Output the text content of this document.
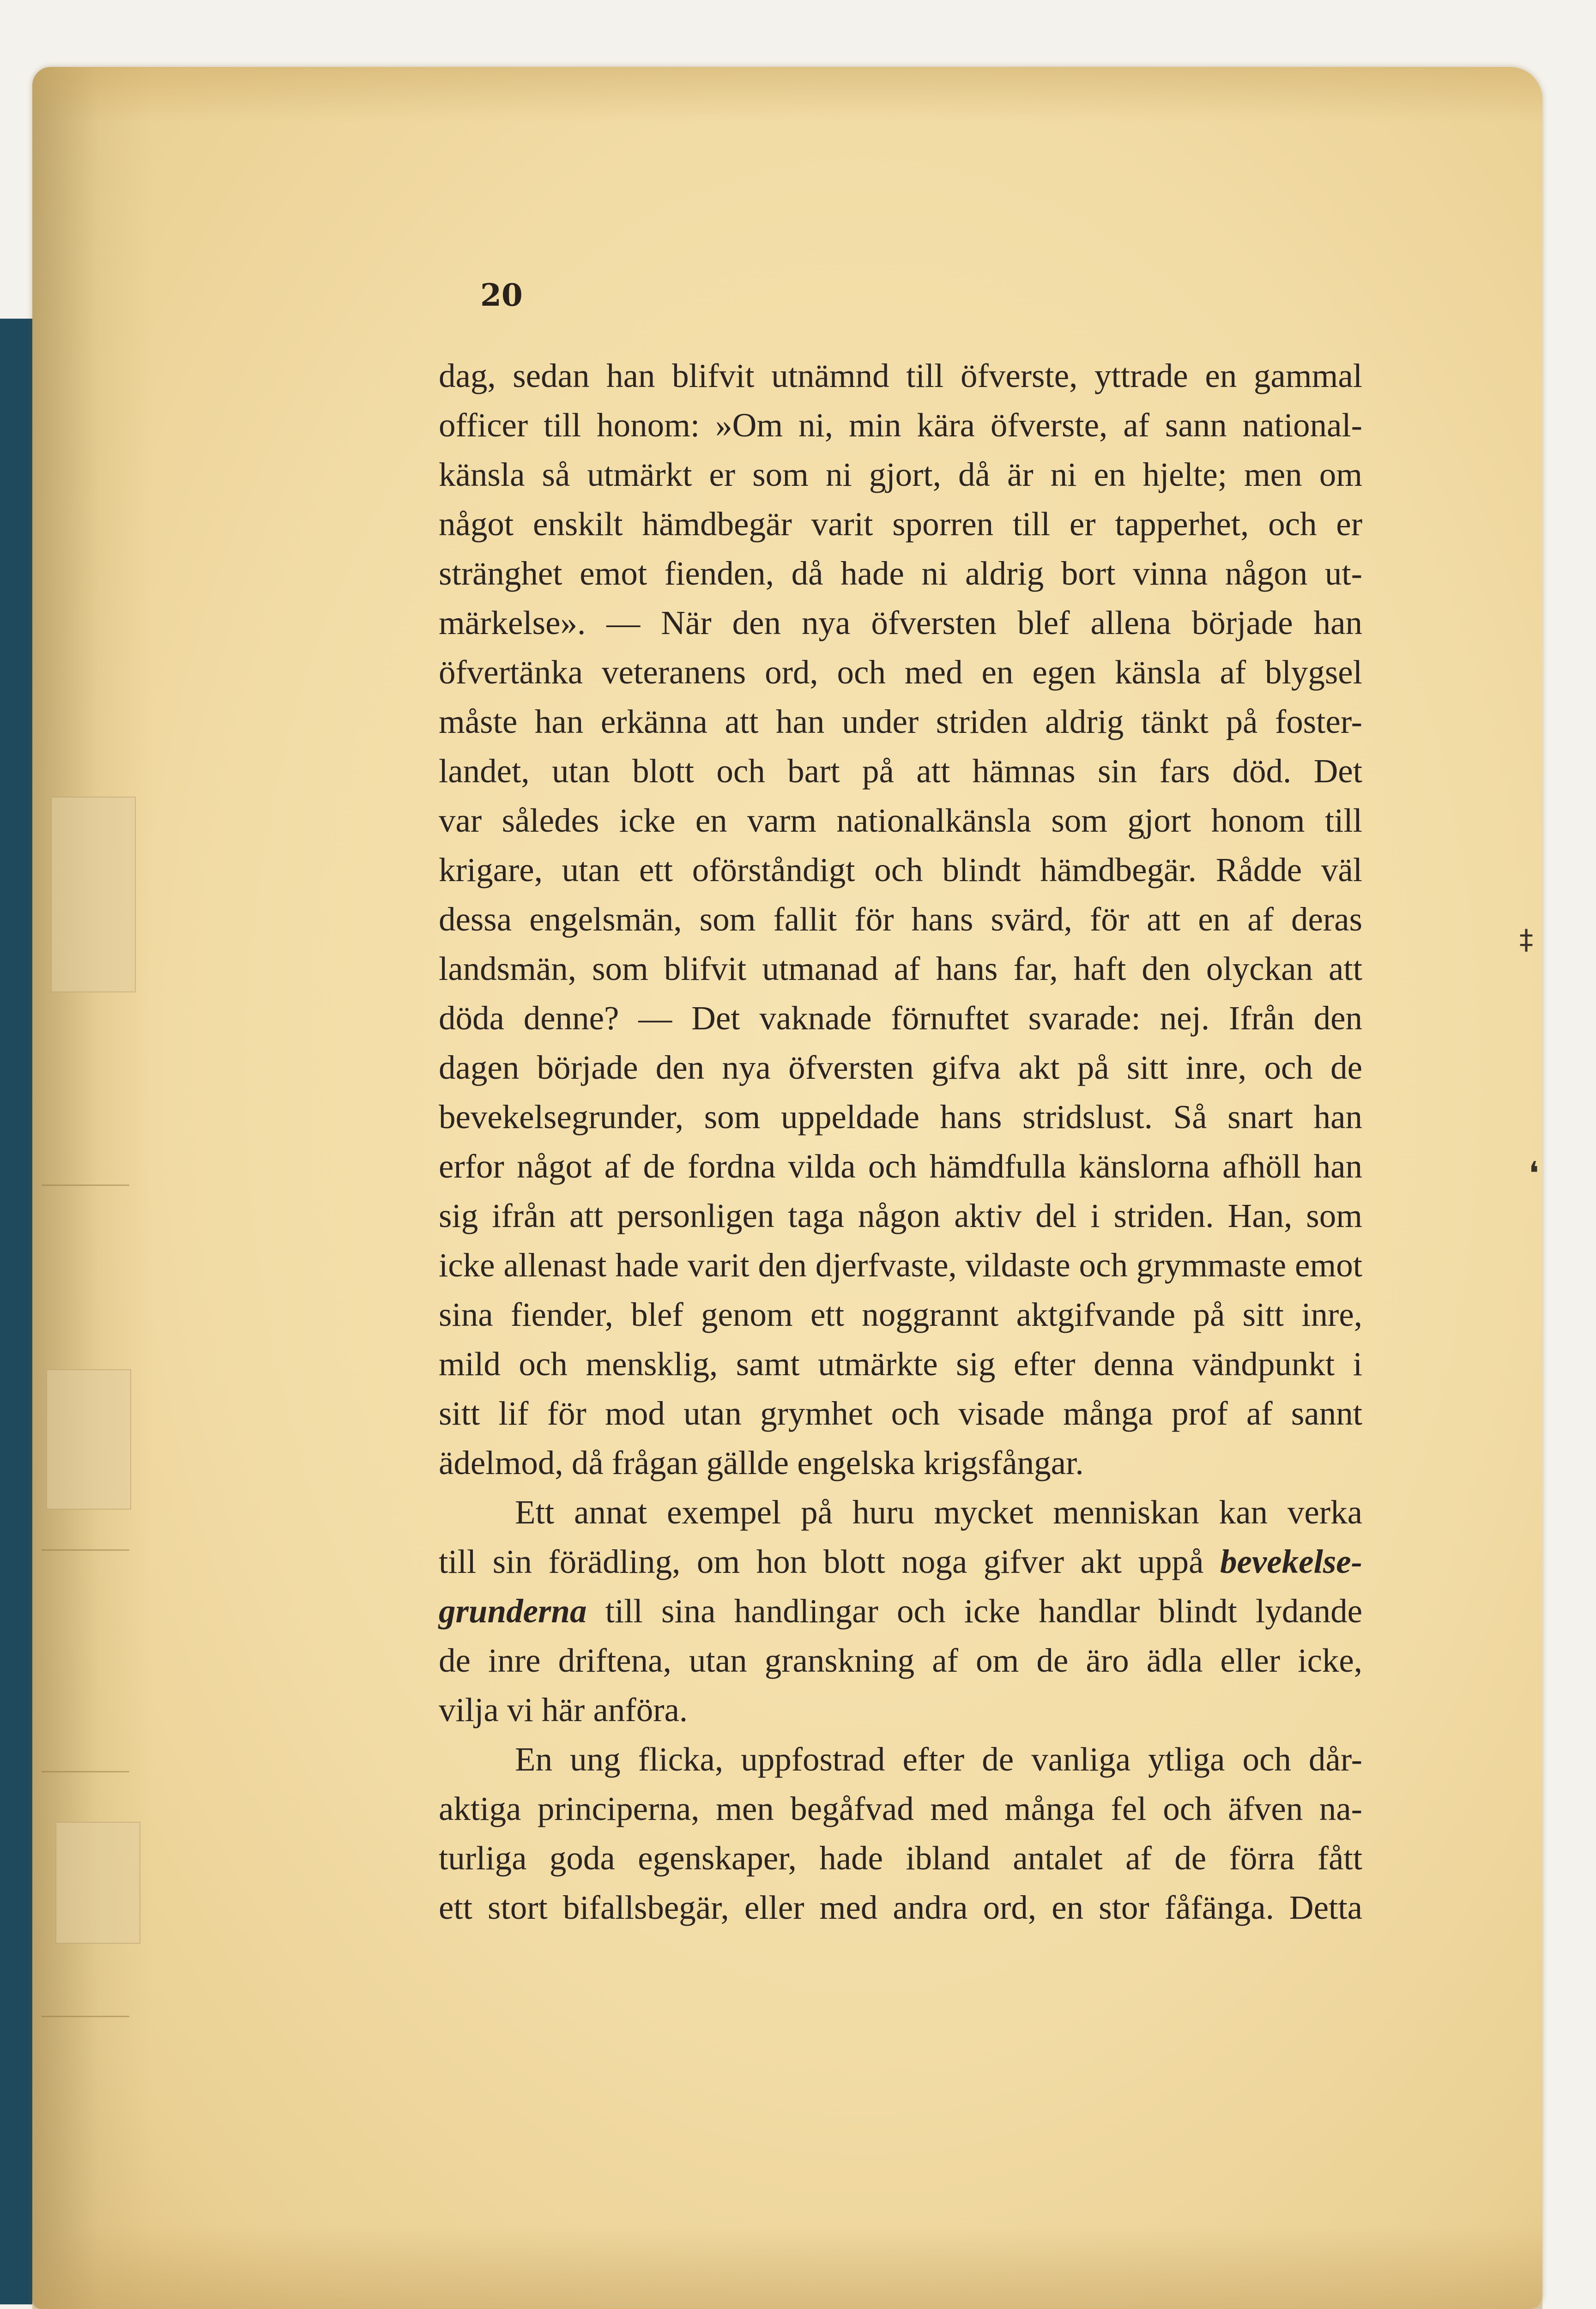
20
dag, sedan han blifvit utnämnd till öfverste, yttrade en gammal
officer till honom: »Om ni, min kära öfverste, af sann national-
känsla så utmärkt er som ni gjort, då är ni en hjelte; men om
något enskilt hämdbegär varit sporren till er tapperhet, och er
stränghet emot fienden, då hade ni aldrig bort vinna någon ut-
märkelse». — När den nya öfversten blef allena började han
öfvertänka veteranens ord, och med en egen känsla af blygsel
måste han erkänna att han under striden aldrig tänkt på foster-
landet, utan blott och bart på att hämnas sin fars död. Det
var således icke en varm nationalkänsla som gjort honom till
krigare, utan ett oförståndigt och blindt hämdbegär. Rådde väl
dessa engelsmän, som fallit för hans svärd, för att en af deras
landsmän, som blifvit utmanad af hans far, haft den olyckan att
döda denne? — Det vaknade förnuftet svarade: nej. Ifrån den
dagen började den nya öfversten gifva akt på sitt inre, och de
bevekelsegrunder, som uppeldade hans stridslust. Så snart han
erfor något af de fordna vilda och hämdfulla känslorna afhöll han
sig ifrån att personligen taga någon aktiv del i striden. Han, som
icke allenast hade varit den djerfvaste, vildaste och grymmaste emot
sina fiender, blef genom ett noggrannt aktgifvande på sitt inre,
mild och mensklig, samt utmärkte sig efter denna vändpunkt i
sitt lif för mod utan grymhet och visade många prof af sannt
ädelmod, då frågan gällde engelska krigsfångar.
Ett annat exempel på huru mycket menniskan kan verka
till sin förädling, om hon blott noga gifver akt uppå bevekelse-
grunderna till sina handlingar och icke handlar blindt lydande
de inre driftena, utan granskning af om de äro ädla eller icke,
vilja vi här anföra.
En ung flicka, uppfostrad efter de vanliga ytliga och dår-
aktiga principerna, men begåfvad med många fel och äfven na-
turliga goda egenskaper, hade ibland antalet af de förra fått
ett stort bifallsbegär, eller med andra ord, en stor fåfänga. Detta
‡
❛
